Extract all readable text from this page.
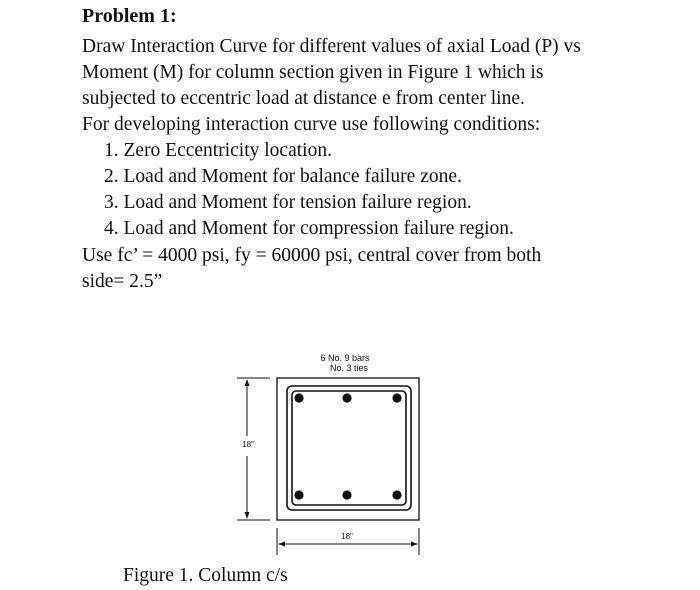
Problem 1:
Draw Interaction Curve for different values of axial Load (P) vs
Moment (M) for column section given in Figure 1 which is
subjected to eccentric load at distance e from center line.
For developing interaction curve use following conditions:
1. Zero Eccentricity location.
2. Load and Moment for balance failure zone.
3. Load and Moment for tension failure region.
4. Load and Moment for compression failure region.
Use fc’ = 4000 psi, fy = 60000 psi, central cover from both
side= 2.5”
6 No. 9 bars
No. 3 ties
18"
18"
Figure 1. Column c/s
